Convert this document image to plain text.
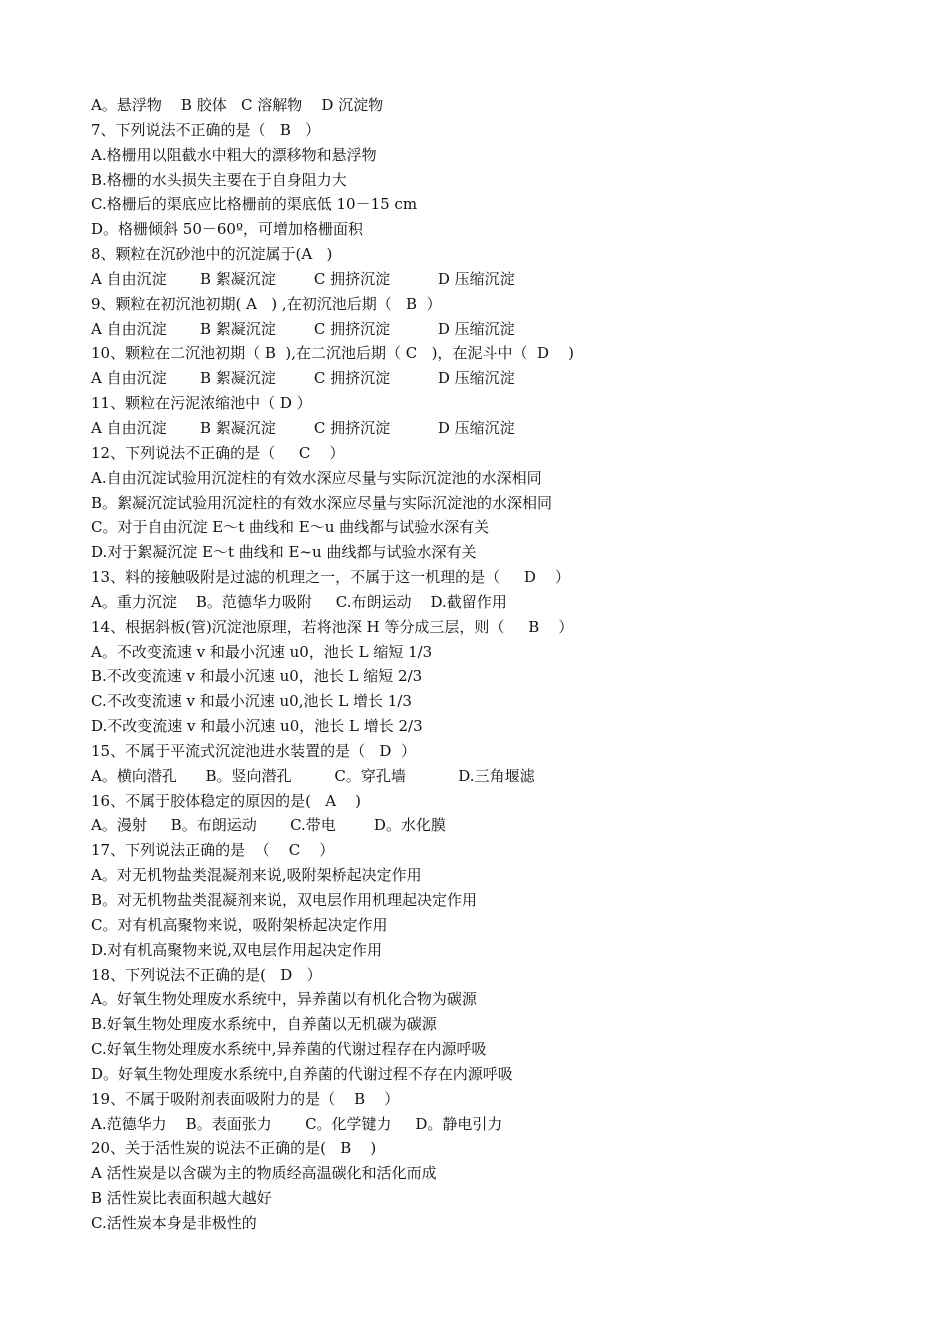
A。悬浮物    B 胶体   C 溶解物    D 沉淀物

7、下列说法不正确的是（   B   ）

A.格栅用以阻截水中粗大的漂移物和悬浮物

B.格栅的水头损失主要在于自身阻力大

C.格栅后的渠底应比格栅前的渠底低 10－15 cm

D。格栅倾斜 50－60º，可增加格栅面积

8、颗粒在沉砂池中的沉淀属于(A   )

A 自由沉淀       B 絮凝沉淀        C 拥挤沉淀          D 压缩沉淀

9、颗粒在初沉池初期( A   ) ,在初沉池后期（   B  ）

A 自由沉淀       B 絮凝沉淀        C 拥挤沉淀          D 压缩沉淀

10、颗粒在二沉池初期（ B  ),在二沉池后期（ C   )，在泥斗中（  D    )

A 自由沉淀       B 絮凝沉淀        C 拥挤沉淀          D 压缩沉淀

11、颗粒在污泥浓缩池中（ D ）

A 自由沉淀       B 絮凝沉淀        C 拥挤沉淀          D 压缩沉淀

12、下列说法不正确的是（     C    ）

A.自由沉淀试验用沉淀柱的有效水深应尽量与实际沉淀池的水深相同

B。絮凝沉淀试验用沉淀柱的有效水深应尽量与实际沉淀池的水深相同

C。对于自由沉淀 E～t 曲线和 E～u 曲线都与试验水深有关

D.对于絮凝沉淀 E～t 曲线和 E~u 曲线都与试验水深有关

13、料的接触吸附是过滤的机理之一，不属于这一机理的是（     D    ）

A。重力沉淀    B。范德华力吸附     C.布朗运动    D.截留作用

14、根据斜板(管)沉淀池原理，若将池深 H 等分成三层，则（     B    ）

A。不改变流速 v 和最小沉速 u0，池长 L 缩短 1/3

B.不改变流速 v 和最小沉速 u0，池长 L 缩短 2/3

C.不改变流速 v 和最小沉速 u0,池长 L 增长 1/3

D.不改变流速 v 和最小沉速 u0，池长 L 增长 2/3

15、不属于平流式沉淀池进水装置的是（   D  ）

A。横向潜孔      B。竖向潜孔         C。穿孔墙           D.三角堰滤

16、不属于胶体稳定的原因的是(   A    )

A。漫射     B。布朗运动       C.带电        D。水化膜

17、下列说法正确的是  （    C    ）

A。对无机物盐类混凝剂来说,吸附架桥起决定作用

B。对无机物盐类混凝剂来说，双电层作用机理起决定作用

C。对有机高聚物来说，吸附架桥起决定作用

D.对有机高聚物来说,双电层作用起决定作用

18、下列说法不正确的是(   D   ）

A。好氧生物处理废水系统中，异养菌以有机化合物为碳源

B.好氧生物处理废水系统中，自养菌以无机碳为碳源

C.好氧生物处理废水系统中,异养菌的代谢过程存在内源呼吸

D。好氧生物处理废水系统中,自养菌的代谢过程不存在内源呼吸

19、不属于吸附剂表面吸附力的是（    B    ）

A.范德华力    B。表面张力       C。化学键力     D。静电引力

20、关于活性炭的说法不正确的是(   B    )

A 活性炭是以含碳为主的物质经高温碳化和活化而成

B 活性炭比表面积越大越好

C.活性炭本身是非极性的
